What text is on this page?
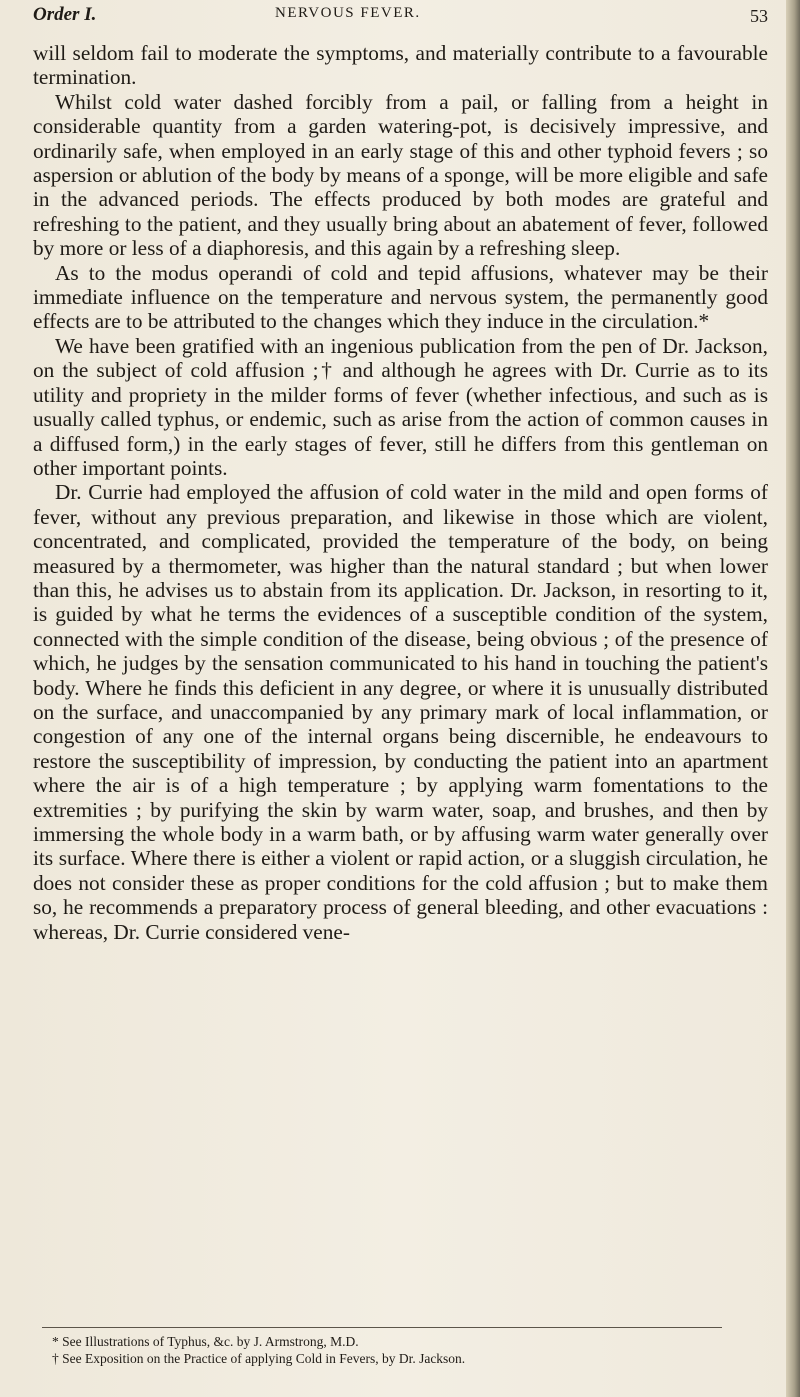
Order I.	NERVOUS FEVER.	53

will seldom fail to moderate the symptoms, and materially contribute to a favourable termination.

Whilst cold water dashed forcibly from a pail, or falling from a height in considerable quantity from a garden watering-pot, is decisively impressive, and ordinarily safe, when employed in an early stage of this and other typhoid fevers ; so aspersion or ablution of the body by means of a sponge, will be more eligible and safe in the advanced periods. The effects produced by both modes are grateful and refreshing to the patient, and they usually bring about an abatement of fever, followed by more or less of a diaphoresis, and this again by a refreshing sleep.

As to the modus operandi of cold and tepid affusions, whatever may be their immediate influence on the temperature and nervous system, the permanently good effects are to be attributed to the changes which they induce in the circulation.*

We have been gratified with an ingenious publication from the pen of Dr. Jackson, on the subject of cold affusion ;† and although he agrees with Dr. Currie as to its utility and propriety in the milder forms of fever (whether infectious, and such as is usually called typhus, or endemic, such as arise from the action of common causes in a diffused form,) in the early stages of fever, still he differs from this gentleman on other important points.

Dr. Currie had employed the affusion of cold water in the mild and open forms of fever, without any previous preparation, and likewise in those which are violent, concentrated, and complicated, provided the temperature of the body, on being measured by a thermometer, was higher than the natural standard ; but when lower than this, he advises us to abstain from its application. Dr. Jackson, in resorting to it, is guided by what he terms the evidences of a susceptible condition of the system, connected with the simple condition of the disease, being obvious ; of the presence of which, he judges by the sensation communicated to his hand in touching the patient's body. Where he finds this deficient in any degree, or where it is unusually distributed on the surface, and unaccompanied by any primary mark of local inflammation, or congestion of any one of the internal organs being discernible, he endeavours to restore the susceptibility of impression, by conducting the patient into an apartment where the air is of a high temperature ; by applying warm fomentations to the extremities ; by purifying the skin by warm water, soap, and brushes, and then by immersing the whole body in a warm bath, or by affusing warm water generally over its surface. Where there is either a violent or rapid action, or a sluggish circulation, he does not consider these as proper conditions for the cold affusion ; but to make them so, he recommends a preparatory process of general bleeding, and other evacuations : whereas, Dr. Currie considered vene-

* See Illustrations of Typhus, &c. by J. Armstrong, M.D.

† See Exposition on the Practice of applying Cold in Fevers, by Dr. Jackson.
